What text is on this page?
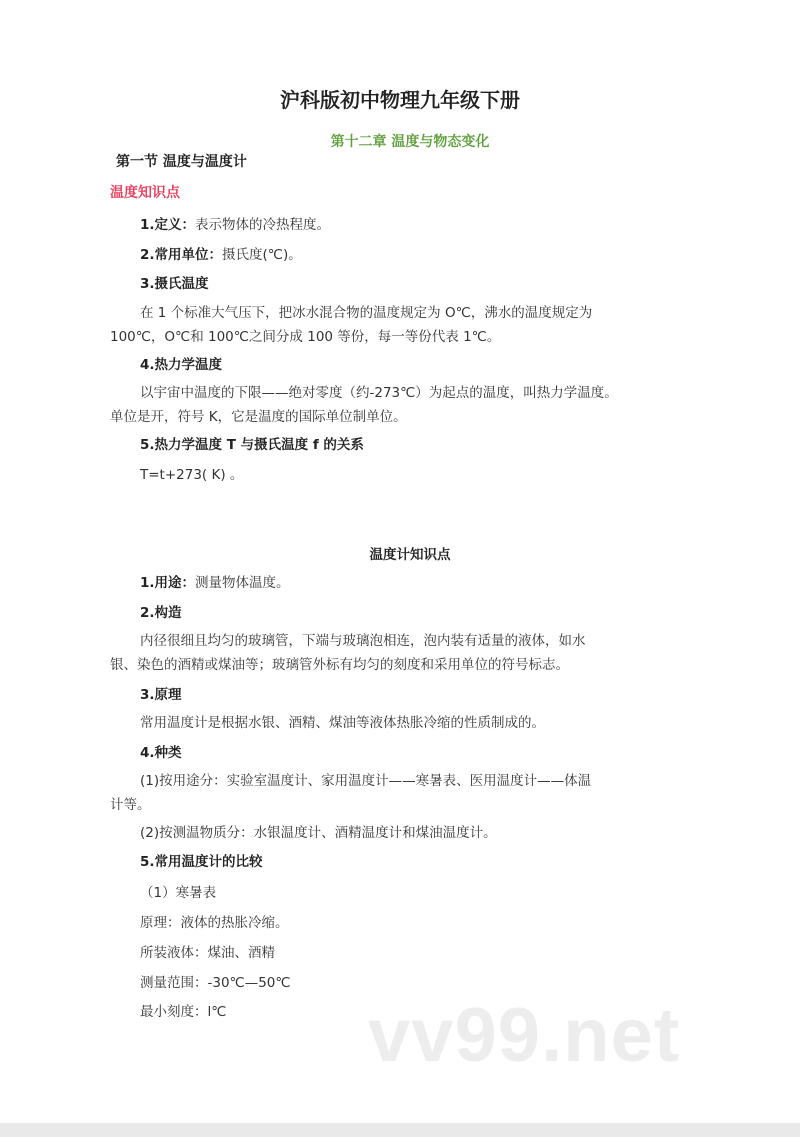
沪科版初中物理九年级下册
第十二章 温度与物态变化
第一节 温度与温度计
温度知识点
1.定义：表示物体的冷热程度。
2.常用单位：摄氏度(℃)。
3.摄氏温度
在 1 个标准大气压下，把冰水混合物的温度规定为 O℃，沸水的温度规定为
100℃，O℃和 100℃之间分成 100 等份，每一等份代表 1℃。
4.热力学温度
以宇宙中温度的下限——绝对零度（约-273℃）为起点的温度，叫热力学温度。
单位是开，符号 K，它是温度的国际单位制单位。
5.热力学温度 T 与摄氏温度 f 的关系
T=t+273( K) 。
温度计知识点
1.用途：测量物体温度。
2.构造
内径很细且均匀的玻璃管，下端与玻璃泡相连，泡内装有适量的液体，如水
银、染色的酒精或煤油等；玻璃管外标有均匀的刻度和采用单位的符号标志。
3.原理
常用温度计是根据水银、酒精、煤油等液体热胀冷缩的性质制成的。
4.种类
(1)按用途分：实验室温度计、家用温度计——寒暑表、医用温度计——体温
计等。
(2)按测温物质分：水银温度计、酒精温度计和煤油温度计。
5.常用温度计的比较
（1）寒暑表
原理：液体的热胀冷缩。
所装液体：煤油、酒精
测量范围：-30℃—50℃
最小刻度：l℃ vv99.net
